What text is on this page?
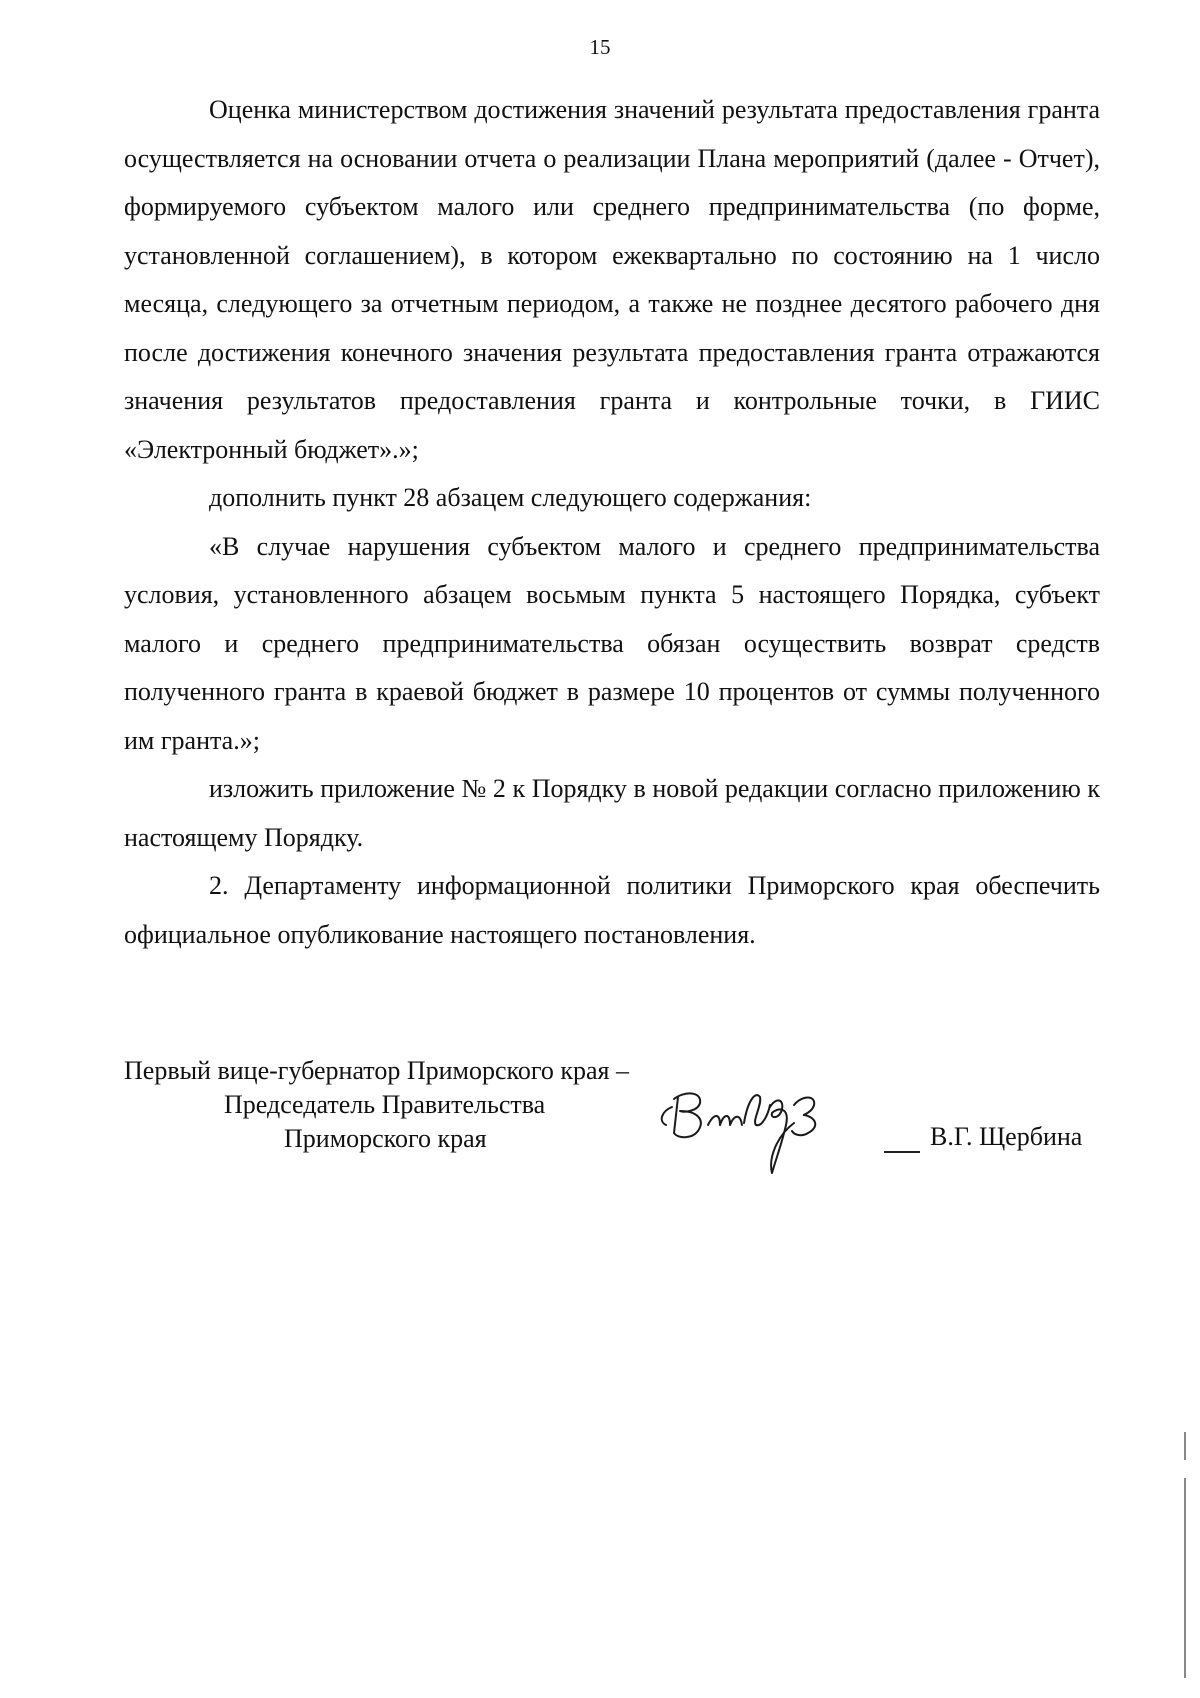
15

Оценка министерством достижения значений результата предоставления гранта осуществляется на основании отчета о реализации Плана мероприятий (далее - Отчет), формируемого субъектом малого или среднего предпринимательства (по форме, установленной соглашением), в котором ежеквартально по состоянию на 1 число месяца, следующего за отчетным периодом, а также не позднее десятого рабочего дня после достижения конечного значения результата предоставления гранта отражаются значения результатов предоставления гранта и контрольные точки, в ГИИС «Электронный бюджет».»;

дополнить пункт 28 абзацем следующего содержания:

«В случае нарушения субъектом малого и среднего предпринимательства условия, установленного абзацем восьмым пункта 5 настоящего Порядка, субъект малого и среднего предпринимательства обязан осуществить возврат средств полученного гранта в краевой бюджет в размере 10 процентов от суммы полученного им гранта.»;

изложить приложение № 2 к Порядку в новой редакции согласно приложению к настоящему Порядку.

2. Департаменту информационной политики Приморского края обеспечить официальное опубликование настоящего постановления.

Первый вице-губернатор Приморского края –
Председатель Правительства
Приморского края	В.Г. Щербина
